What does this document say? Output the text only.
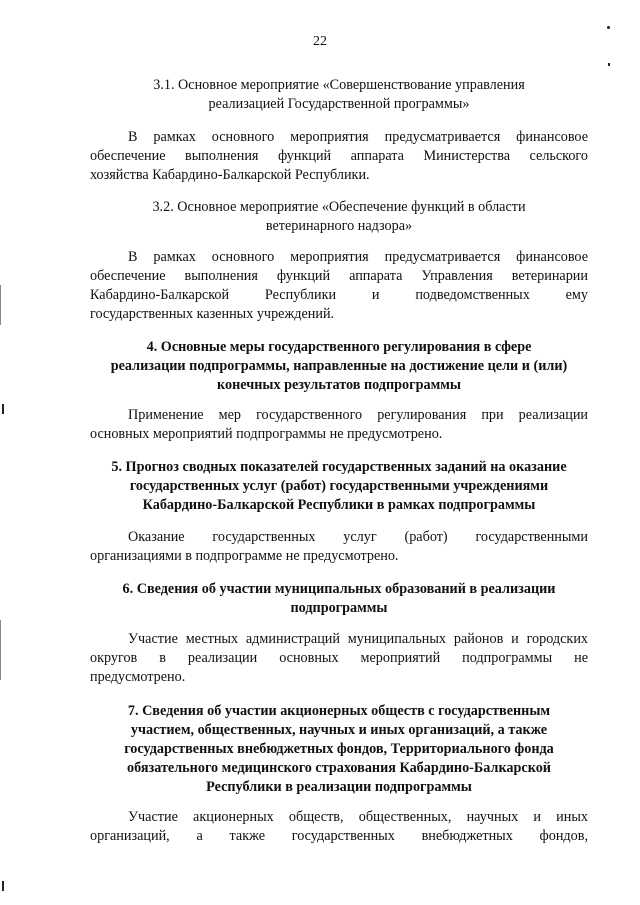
22
3.1. Основное мероприятие «Совершенствование управления
реализацией Государственной программы»
В рамках основного мероприятия предусматривается финансовое
обеспечение выполнения функций аппарата Министерства сельского
хозяйства Кабардино-Балкарской Республики.
3.2. Основное мероприятие «Обеспечение функций в области
ветеринарного надзора»
В рамках основного мероприятия предусматривается финансовое
обеспечение выполнения функций аппарата Управления ветеринарии
Кабардино-Балкарской Республики и подведомственных ему
государственных казенных учреждений.
4. Основные меры государственного регулирования в сфере
реализации подпрограммы, направленные на достижение цели и (или)
конечных результатов подпрограммы
Применение мер государственного регулирования при реализации
основных мероприятий подпрограммы не предусмотрено.
5. Прогноз сводных показателей государственных заданий на оказание
государственных услуг (работ) государственными учреждениями
Кабардино-Балкарской Республики в рамках подпрограммы
Оказание государственных услуг (работ) государственными
организациями в подпрограмме не предусмотрено.
6. Сведения об участии муниципальных образований в реализации
подпрограммы
Участие местных администраций муниципальных районов и городских
округов в реализации основных мероприятий подпрограммы не
предусмотрено.
7. Сведения об участии акционерных обществ с государственным
участием, общественных, научных и иных организаций, а также
государственных внебюджетных фондов, Территориального фонда
обязательного медицинского страхования Кабардино-Балкарской
Республики в реализации подпрограммы
Участие акционерных обществ, общественных, научных и иных
организаций, а также государственных внебюджетных фондов,
